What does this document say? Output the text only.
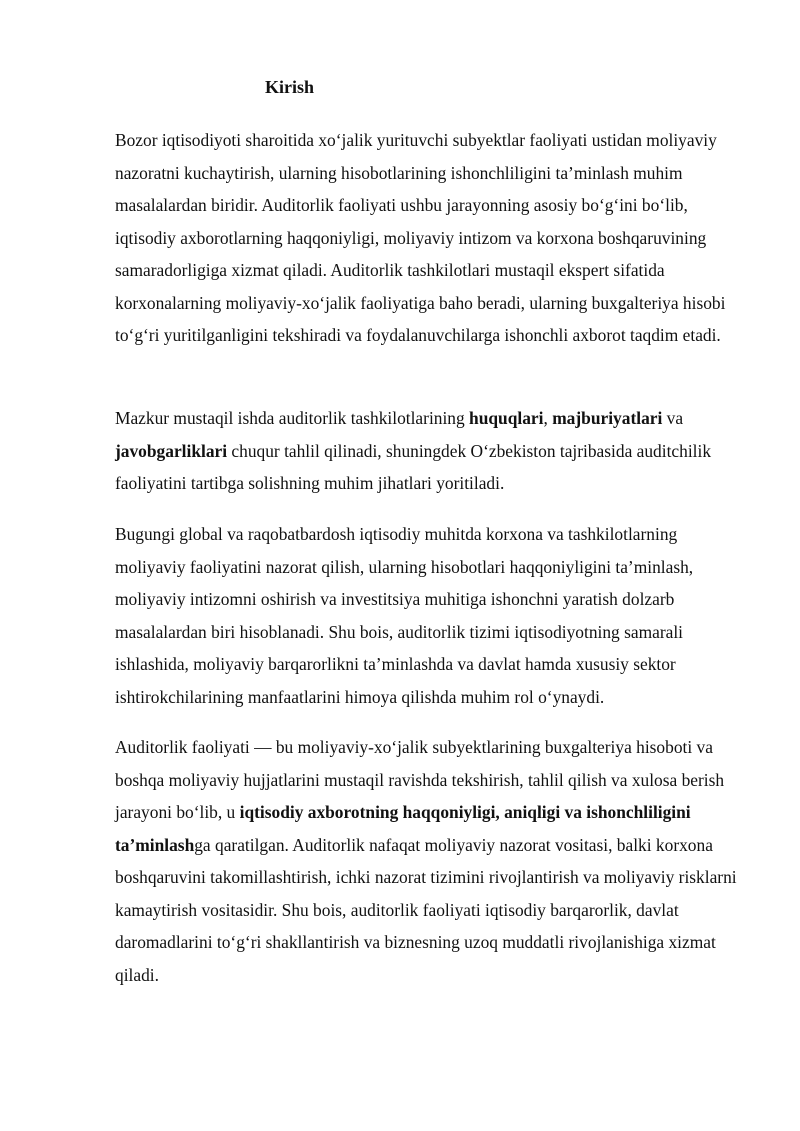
Kirish

Bozor iqtisodiyoti sharoitida xo‘jalik yurituvchi subyektlar faoliyati ustidan moliyaviy nazoratni kuchaytirish, ularning hisobotlarining ishonchliligini ta’minlash muhim masalalardan biridir. Auditorlik faoliyati ushbu jarayonning asosiy bo‘g‘ini bo‘lib, iqtisodiy axborotlarning haqqoniyligi, moliyaviy intizom va korxona boshqaruvining samaradorligiga xizmat qiladi. Auditorlik tashkilotlari mustaqil ekspert sifatida korxonalarning moliyaviy-xo‘jalik faoliyatiga baho beradi, ularning buxgalteriya hisobi to‘g‘ri yuritilganligini tekshiradi va foydalanuvchilarga ishonchli axborot taqdim etadi.

Mazkur mustaqil ishda auditorlik tashkilotlarining huquqlari, majburiyatlari va javobgarliklari chuqur tahlil qilinadi, shuningdek O‘zbekiston tajribasida auditchilik faoliyatini tartibga solishning muhim jihatlari yoritiladi.

Bugungi global va raqobatbardosh iqtisodiy muhitda korxona va tashkilotlarning moliyaviy faoliyatini nazorat qilish, ularning hisobotlari haqqoniyligini ta’minlash, moliyaviy intizomni oshirish va investitsiya muhitiga ishonchni yaratish dolzarb masalalardan biri hisoblanadi. Shu bois, auditorlik tizimi iqtisodiyotning samarali ishlashida, moliyaviy barqarorlikni ta’minlashda va davlat hamda xususiy sektor ishtirokchilarining manfaatlarini himoya qilishda muhim rol o‘ynaydi.

Auditorlik faoliyati — bu moliyaviy-xo‘jalik subyektlarining buxgalteriya hisoboti va boshqa moliyaviy hujjatlarini mustaqil ravishda tekshirish, tahlil qilish va xulosa berish jarayoni bo‘lib, u iqtisodiy axborotning haqqoniyligi, aniqligi va ishonchliligini ta’minlashga qaratilgan. Auditorlik nafaqat moliyaviy nazorat vositasi, balki korxona boshqaruvini takomillashtirish, ichki nazorat tizimini rivojlantirish va moliyaviy risklarni kamaytirish vositasidir. Shu bois, auditorlik faoliyati iqtisodiy barqarorlik, davlat daromadlarini to‘g‘ri shakllantirish va biznesning uzoq muddatli rivojlanishiga xizmat qiladi.
